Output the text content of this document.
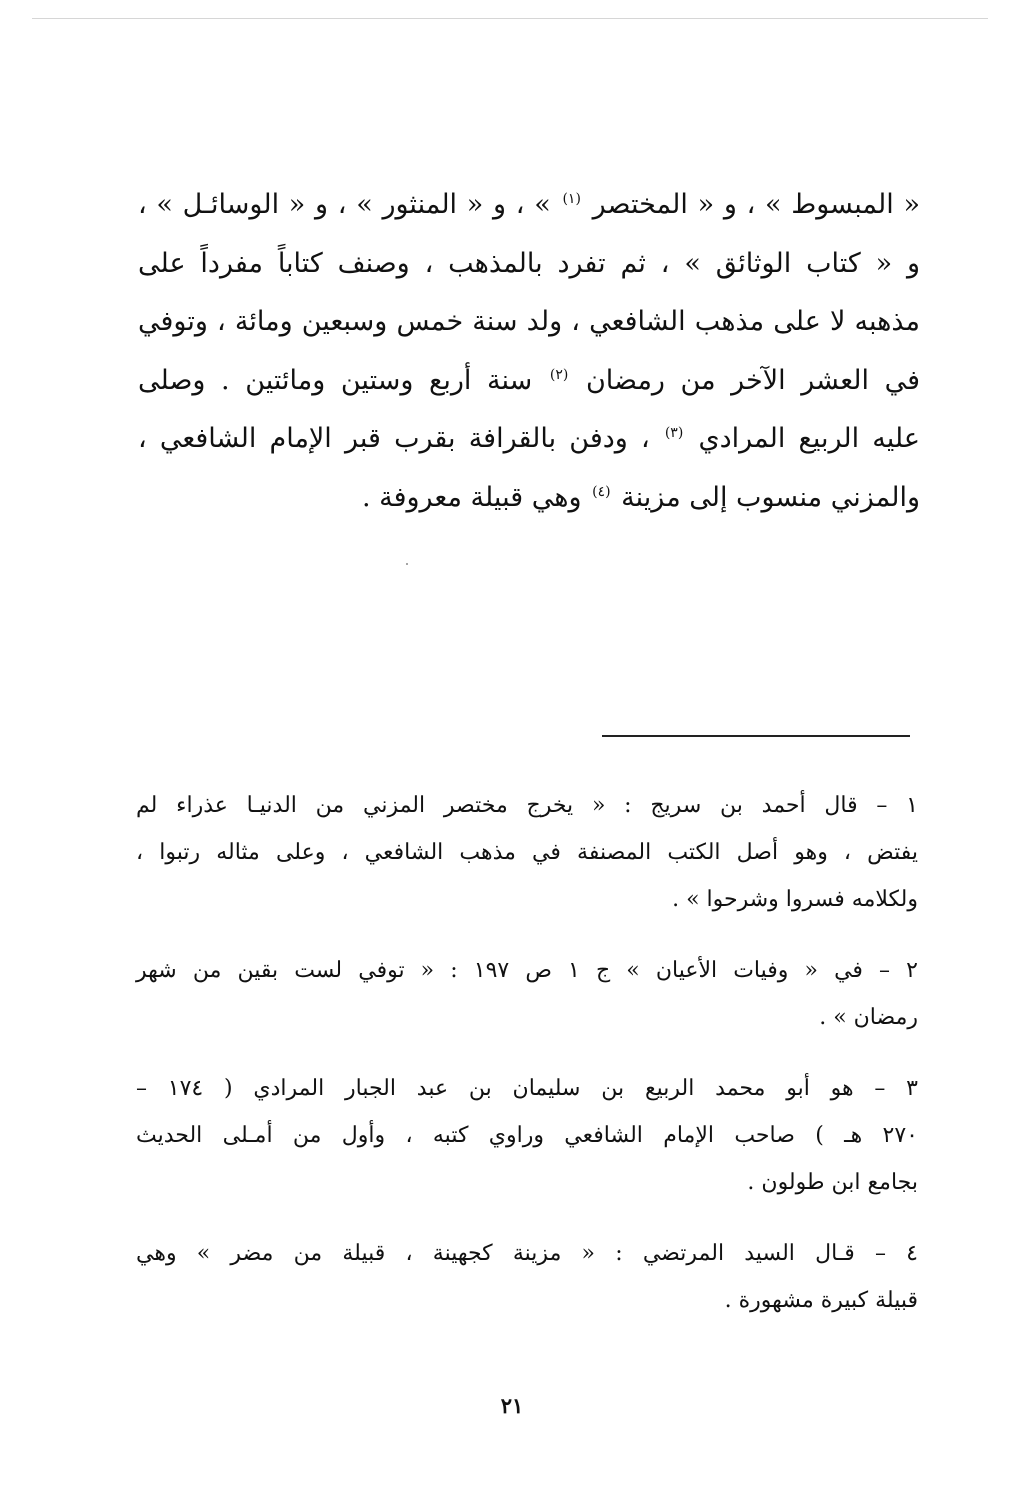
« المبسوط » ، و « المختصر $^{(١)}$ » ، و « المنثور » ، و « الوسائـل » ،
و « كتاب الوثائق » ، ثم تفرد بالمذهب ، وصنف كتاباً مفرداً على
مذهبه لا على مذهب الشافعي ، ولد سنة خمس وسبعين ومائة ، وتوفي
في العشر الآخر من رمضان $^{(٢)}$ سنة أربع وستين ومائتين . وصلى
عليه الربيع المرادي $^{(٣)}$ ، ودفن بالقرافة بقرب قبر الإمام الشافعي ،
والمزني منسوب إلى مزينة $^{(٤)}$ وهي قبيلة معروفة .
١ – قال أحمد بن سريج : « يخرج مختصر المزني من الدنيـا عذراء لم
يفتض ، وهو أصل الكتب المصنفة في مذهب الشافعي ، وعلى مثاله رتبوا ،
ولكلامه فسروا وشرحوا » .
٢ – في « وفيات الأعيان » ج ١ ص ١٩٧ : « توفي لست بقين من شهر
رمضان » .
٣ – هو أبو محمد الربيع بن سليمان بن عبد الجبار المرادي ( ١٧٤ –
٢٧٠ هـ ) صاحب الإمام الشافعي وراوي كتبه ، وأول من أمـلى الحديث
بجامع ابن طولون .
٤ – قـال السيد المرتضي : « مزينة كجهينة ، قبيلة من مضر » وهي
قبيلة كبيرة مشهورة .
٢١
